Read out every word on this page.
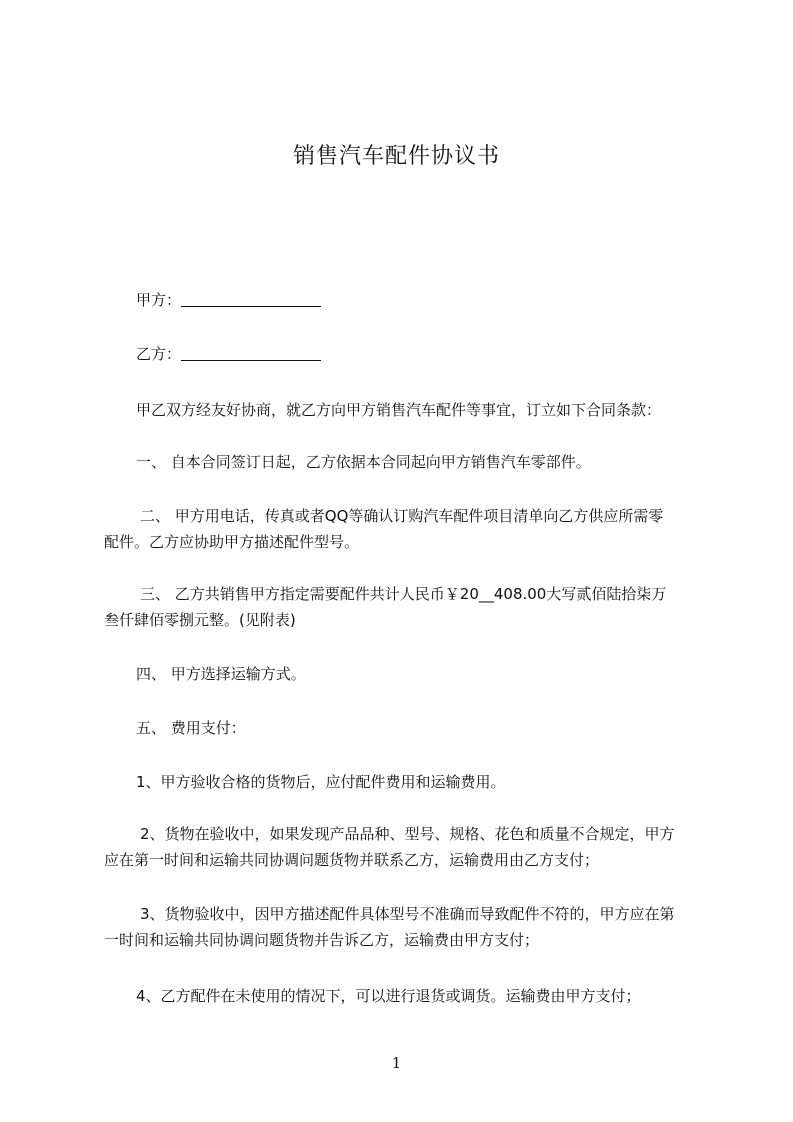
销售汽车配件协议书
甲方：
乙方：
甲乙双方经友好协商，就乙方向甲方销售汽车配件等事宜，订立如下合同条款：
一、 自本合同签订日起，乙方依据本合同起向甲方销售汽车零部件。
二、 甲方用电话，传真或者QQ等确认订购汽车配件项目清单向乙方供应所需零
配件。乙方应协助甲方描述配件型号。
三、 乙方共销售甲方指定需要配件共计人民币￥20__408.00大写贰佰陆拾柒万
叁仟肆佰零捌元整。(见附表)
四、 甲方选择运输方式。
五、 费用支付：
1、甲方验收合格的货物后，应付配件费用和运输费用。
2、货物在验收中，如果发现产品品种、型号、规格、花色和质量不合规定，甲方
应在第一时间和运输共同协调问题货物并联系乙方，运输费用由乙方支付；
3、货物验收中，因甲方描述配件具体型号不准确而导致配件不符的，甲方应在第
一时间和运输共同协调问题货物并告诉乙方，运输费由甲方支付；
4、乙方配件在未使用的情况下，可以进行退货或调货。运输费由甲方支付；
1
